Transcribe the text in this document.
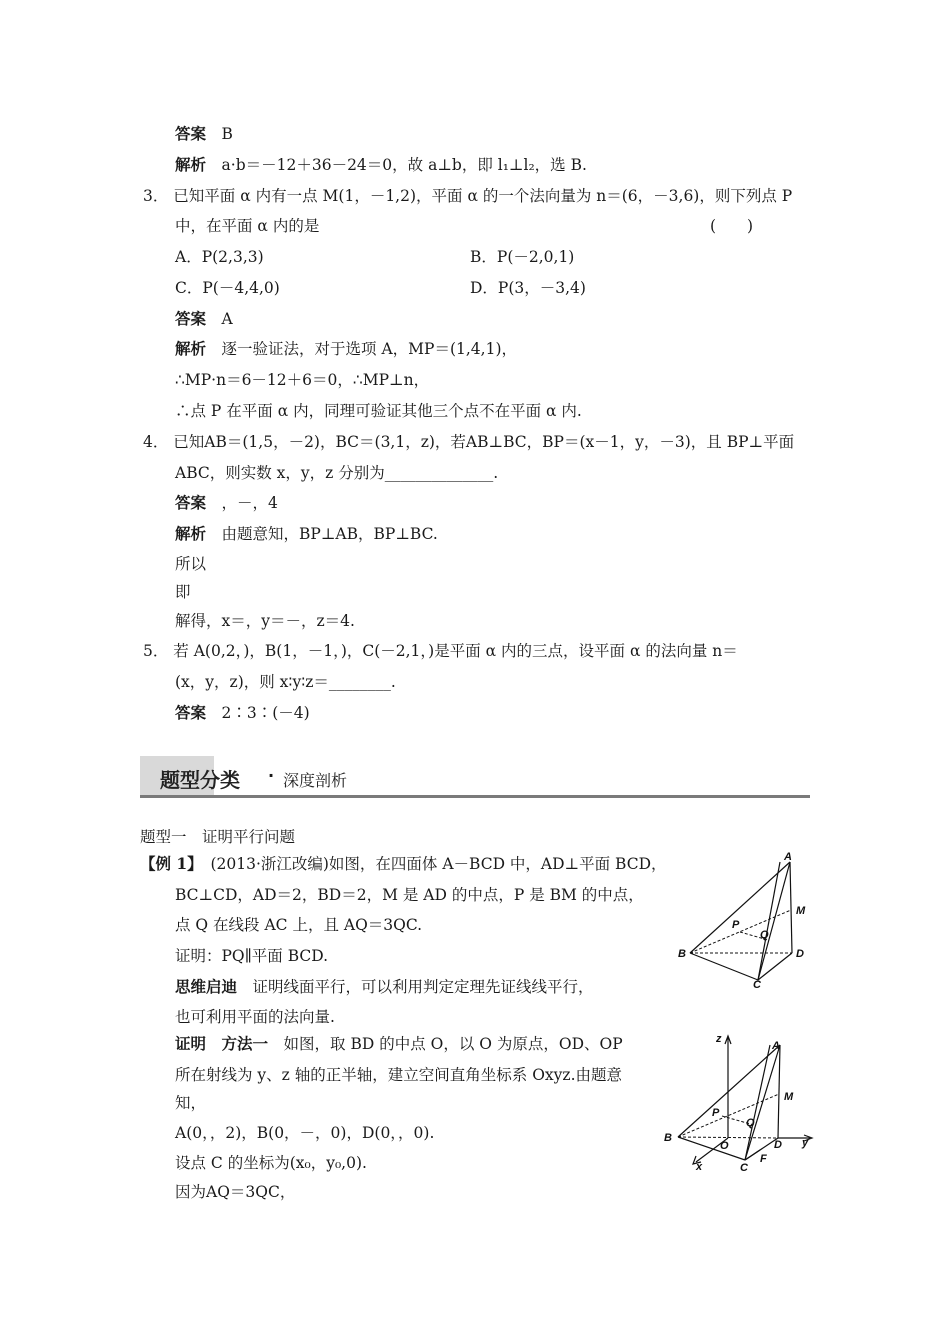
答案　 B
解析　 a·b＝－12＋36－24＝0，故 a⊥b，即 l₁⊥l₂，选 B.
3． 已知平面 α 内有一点 M(1，－1,2)，平面 α 的一个法向量为 n＝(6，－3,6)，则下列点 P
中，在平面 α 内的是	(　　)
A．P(2,3,3)	B．P(－2,0,1)
C．P(－4,4,0)	D．P(3，－3,4)
答案　 A
解析　 逐一验证法，对于选项 A，MP＝(1,4,1)，
∴MP·n＝6－12＋6＝0，∴MP⊥n，
∴点 P 在平面 α 内，同理可验证其他三个点不在平面 α 内.
4． 已知AB＝(1,5，－2)，BC＝(3,1，z)，若AB⊥BC，BP＝(x－1，y，－3)，且 BP⊥平面
ABC，则实数 x，y，z 分别为______________.
答案　 ，－，4
解析　 由题意知，BP⊥AB，BP⊥BC.
所以
即
解得，x＝，y＝－，z＝4.
5． 若 A(0,2，)，B(1，－1，)，C(－2,1，)是平面 α 内的三点，设平面 α 的法向量 n＝
(x，y，z)，则 x∶y∶z＝________.
答案　 2∶3∶(－4)
题型一　证明平行问题
【例 1】　 (2013·浙江改编)如图，在四面体 A－BCD 中，AD⊥平面 BCD，
BC⊥CD，AD＝2，BD＝2，M 是 AD 的中点，P 是 BM 的中点，
点 Q 在线段 AC 上，且 AQ＝3QC.
证明：PQ∥平面 BCD.
思维启迪　 证明线面平行，可以利用判定定理先证线线平行，
也可利用平面的法向量.
证明　方法一　 如图，取 BD 的中点 O，以 O 为原点，OD、OP
所在射线为 y、z 轴的正半轴，建立空间直角坐标系 Oxyz.由题意
知，
A(0，，2)，B(0，－，0)，D(0，，0).
设点 C 的坐标为(x₀，y₀,0).
因为AQ＝3QC，
题型分类 · 深度剖析
A
M
P
Q
B	D
C
z
A
M
P
Q
B
O	D y
x	C
F
